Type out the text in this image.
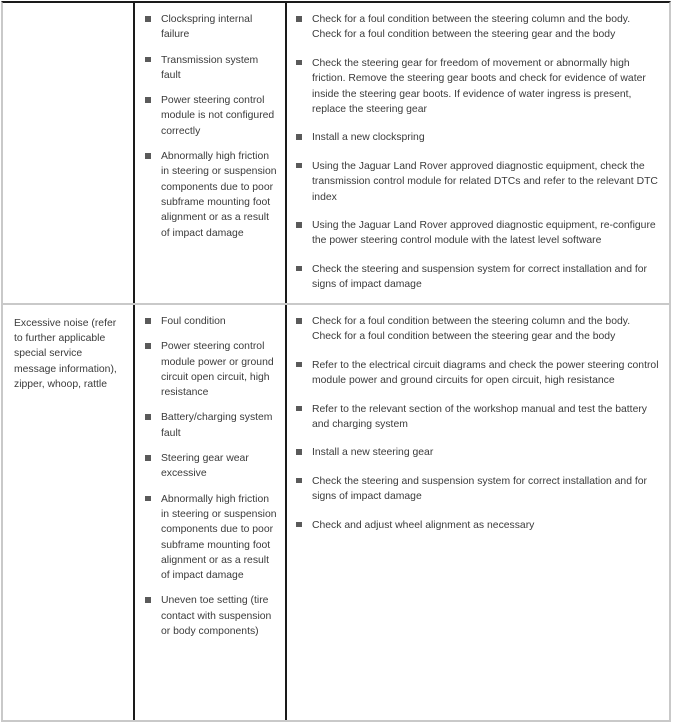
Clockspring internal failure
Transmission system fault
Power steering control module is not configured correctly
Abnormally high friction in steering or suspension components due to poor subframe mounting foot alignment or as a result of impact damage
Check for a foul condition between the steering column and the body. Check for a foul condition between the steering gear and the body
Check the steering gear for freedom of movement or abnormally high friction. Remove the steering gear boots and check for evidence of water inside the steering gear boots. If evidence of water ingress is present, replace the steering gear
Install a new clockspring
Using the Jaguar Land Rover approved diagnostic equipment, check the transmission control module for related DTCs and refer to the relevant DTC index
Using the Jaguar Land Rover approved diagnostic equipment, re-configure the power steering control module with the latest level software
Check the steering and suspension system for correct installation and for signs of impact damage
Excessive noise (refer to further applicable special service message information), zipper, whoop, rattle
Foul condition
Power steering control module power or ground circuit open circuit, high resistance
Battery/charging system fault
Steering gear wear excessive
Abnormally high friction in steering or suspension components due to poor subframe mounting foot alignment or as a result of impact damage
Uneven toe setting (tire contact with suspension or body components)
Check for a foul condition between the steering column and the body. Check for a foul condition between the steering gear and the body
Refer to the electrical circuit diagrams and check the power steering control module power and ground circuits for open circuit, high resistance
Refer to the relevant section of the workshop manual and test the battery and charging system
Install a new steering gear
Check the steering and suspension system for correct installation and for signs of impact damage
Check and adjust wheel alignment as necessary
